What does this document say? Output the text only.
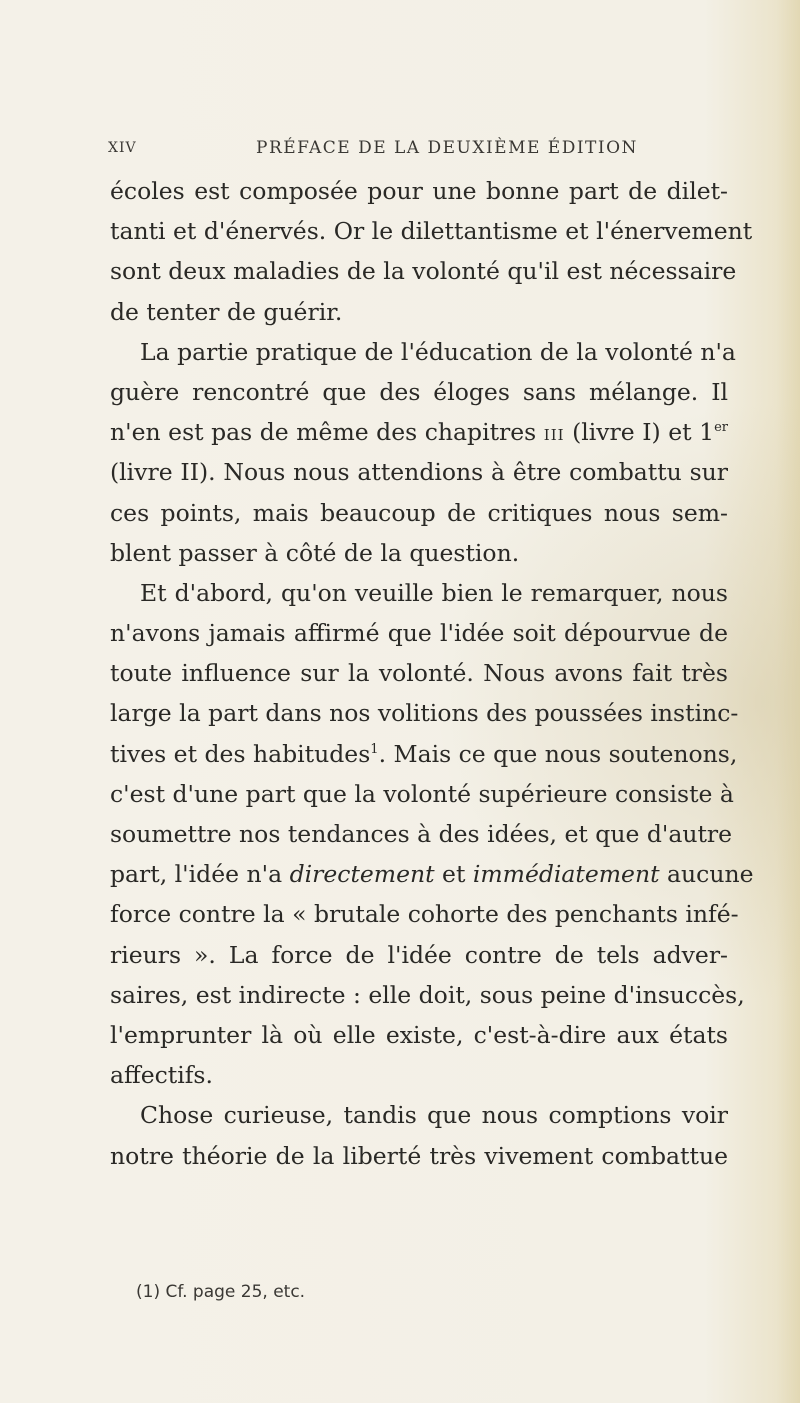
XIV	PRÉFACE DE LA DEUXIÈME ÉDITION
écoles est composée pour une bonne part de dilet-
tanti et d'énervés. Or le dilettantisme et l'énervement
sont deux maladies de la volonté qu'il est nécessaire
de tenter de guérir.
La partie pratique de l'éducation de la volonté n'a
guère rencontré que des éloges sans mélange. Il
n'en est pas de même des chapitres III (livre I) et 1er
(livre II). Nous nous attendions à être combattu sur
ces points, mais beaucoup de critiques nous sem-
blent passer à côté de la question.
Et d'abord, qu'on veuille bien le remarquer, nous
n'avons jamais affirmé que l'idée soit dépourvue de
toute influence sur la volonté. Nous avons fait très
large la part dans nos volitions des poussées instinc-
tives et des habitudes$^1$. Mais ce que nous soutenons,
c'est d'une part que la volonté supérieure consiste à
soumettre nos tendances à des idées, et que d'autre
part, l'idée n'a directement et immédiatement aucune
force contre la « brutale cohorte des penchants infé-
rieurs ». La force de l'idée contre de tels adver-
saires, est indirecte : elle doit, sous peine d'insuccès,
l'emprunter là où elle existe, c'est-à-dire aux états
affectifs.
Chose curieuse, tandis que nous comptions voir
notre théorie de la liberté très vivement combattue
(1) Cf. page 25, etc.
